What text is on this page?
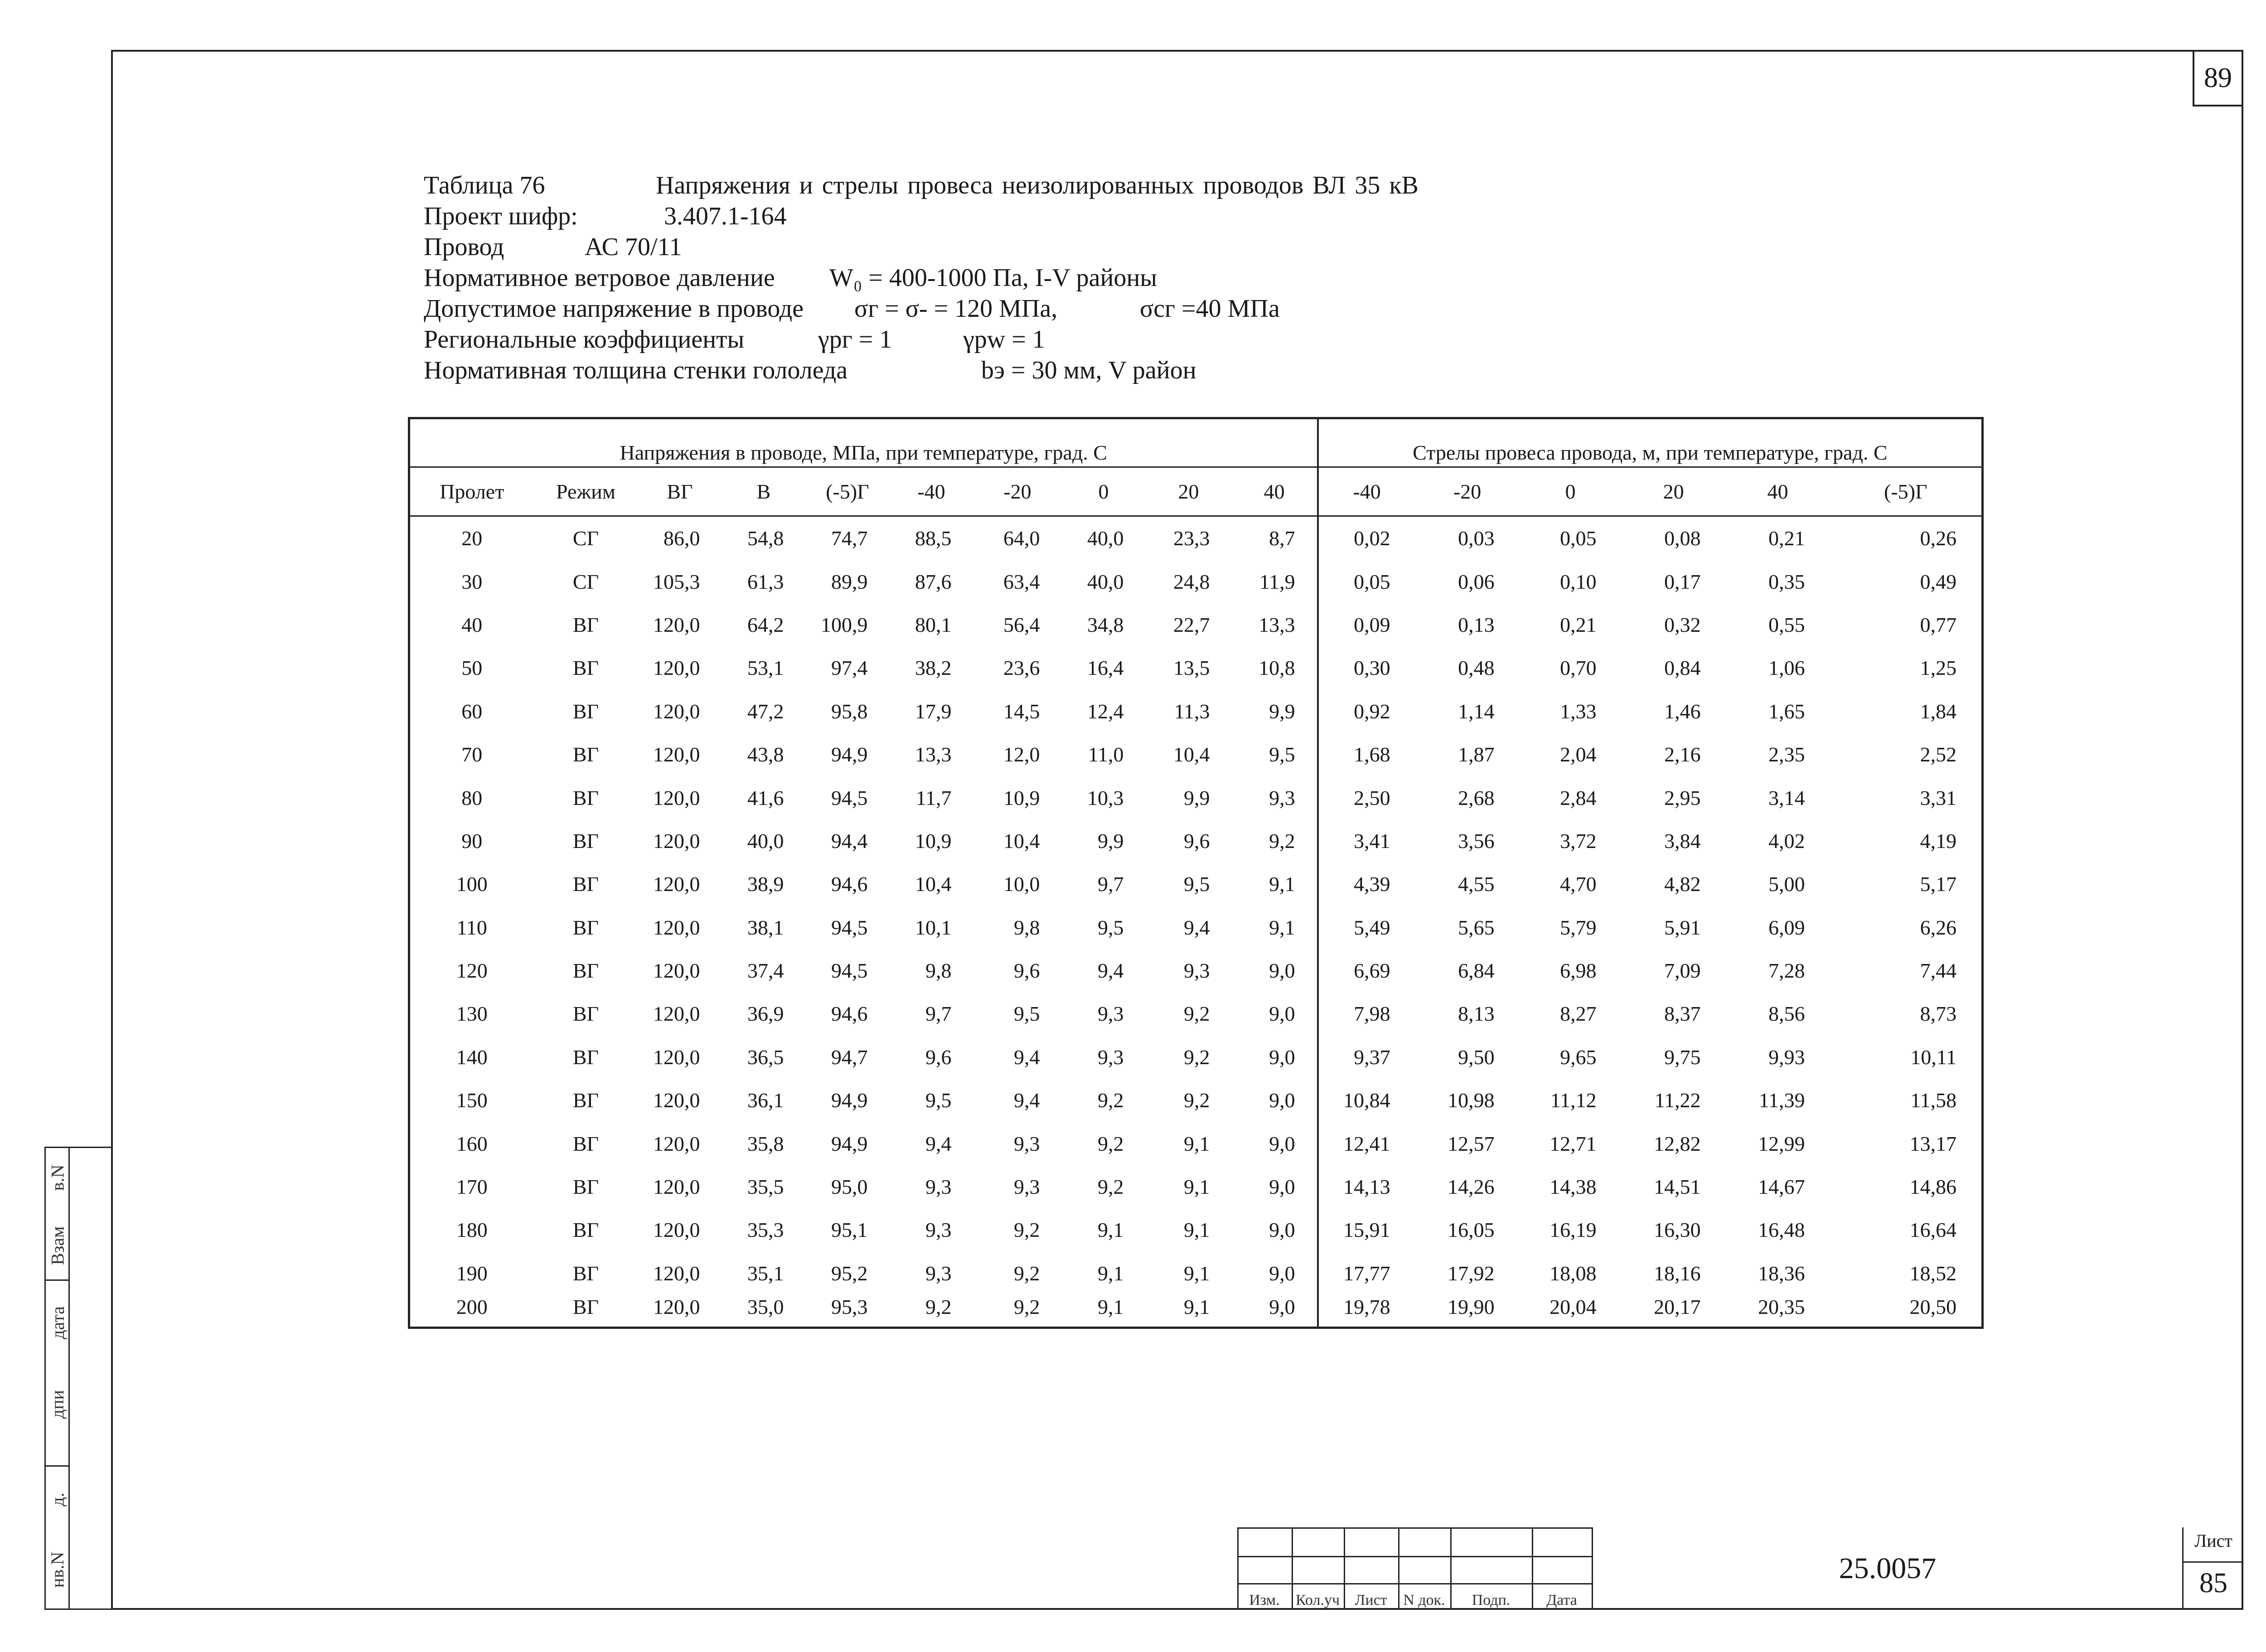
89
Таблица 76	Напряжения и стрелы провеса неизолированных проводов ВЛ 35 кВ
Проект шифр:	3.407.1-164
Провод	АС 70/11
Нормативное ветровое давление W₀ = 400-1000 Па, I-V районы
Допустимое напряжение в проводе σг = σ- = 120 МПа,	σсг =40 МПа
Региональные коэффициенты	γpг = 1	γpw = 1
Нормативная толщина стенки гололеда	bэ = 30 мм, V район
Напряжения в проводе, МПа, при температуре, град. С										Стрелы провеса провода, м, при температуре, град. С					
Пролет	Режим	ВГ	В	(-5)Г	-40	-20	0	20	40	-40	-20	0	20	40	(-5)Г
20	СГ	86,0	54,8	74,7	88,5	64,0	40,0	23,3	8,7	0,02	0,03	0,05	0,08	0,21	0,26
30	СГ	105,3	61,3	89,9	87,6	63,4	40,0	24,8	11,9	0,05	0,06	0,10	0,17	0,35	0,49
40	ВГ	120,0	64,2	100,9	80,1	56,4	34,8	22,7	13,3	0,09	0,13	0,21	0,32	0,55	0,77
50	ВГ	120,0	53,1	97,4	38,2	23,6	16,4	13,5	10,8	0,30	0,48	0,70	0,84	1,06	1,25
60	ВГ	120,0	47,2	95,8	17,9	14,5	12,4	11,3	9,9	0,92	1,14	1,33	1,46	1,65	1,84
70	ВГ	120,0	43,8	94,9	13,3	12,0	11,0	10,4	9,5	1,68	1,87	2,04	2,16	2,35	2,52
80	ВГ	120,0	41,6	94,5	11,7	10,9	10,3	9,9	9,3	2,50	2,68	2,84	2,95	3,14	3,31
90	ВГ	120,0	40,0	94,4	10,9	10,4	9,9	9,6	9,2	3,41	3,56	3,72	3,84	4,02	4,19
100	ВГ	120,0	38,9	94,6	10,4	10,0	9,7	9,5	9,1	4,39	4,55	4,70	4,82	5,00	5,17
110	ВГ	120,0	38,1	94,5	10,1	9,8	9,5	9,4	9,1	5,49	5,65	5,79	5,91	6,09	6,26
120	ВГ	120,0	37,4	94,5	9,8	9,6	9,4	9,3	9,0	6,69	6,84	6,98	7,09	7,28	7,44
130	ВГ	120,0	36,9	94,6	9,7	9,5	9,3	9,2	9,0	7,98	8,13	8,27	8,37	8,56	8,73
140	ВГ	120,0	36,5	94,7	9,6	9,4	9,3	9,2	9,0	9,37	9,50	9,65	9,75	9,93	10,11
150	ВГ	120,0	36,1	94,9	9,5	9,4	9,2	9,2	9,0	10,84	10,98	11,12	11,22	11,39	11,58
160	ВГ	120,0	35,8	94,9	9,4	9,3	9,2	9,1	9,0	12,41	12,57	12,71	12,82	12,99	13,17
170	ВГ	120,0	35,5	95,0	9,3	9,3	9,2	9,1	9,0	14,13	14,26	14,38	14,51	14,67	14,86
180	ВГ	120,0	35,3	95,1	9,3	9,2	9,1	9,1	9,0	15,91	16,05	16,19	16,30	16,48	16,64
190	ВГ	120,0	35,1	95,2	9,3	9,2	9,1	9,1	9,0	17,77	17,92	18,08	18,16	18,36	18,52
200	ВГ	120,0	35,0	95,3	9,2	9,2	9,1	9,1	9,0	19,78	19,90	20,04	20,17	20,35	20,50
в.N
Взам
дата
дпи
д.
нв.N
Изм.	Кол.уч Лист	N док.	Подп.	Дата
25.0057
Лист
85
